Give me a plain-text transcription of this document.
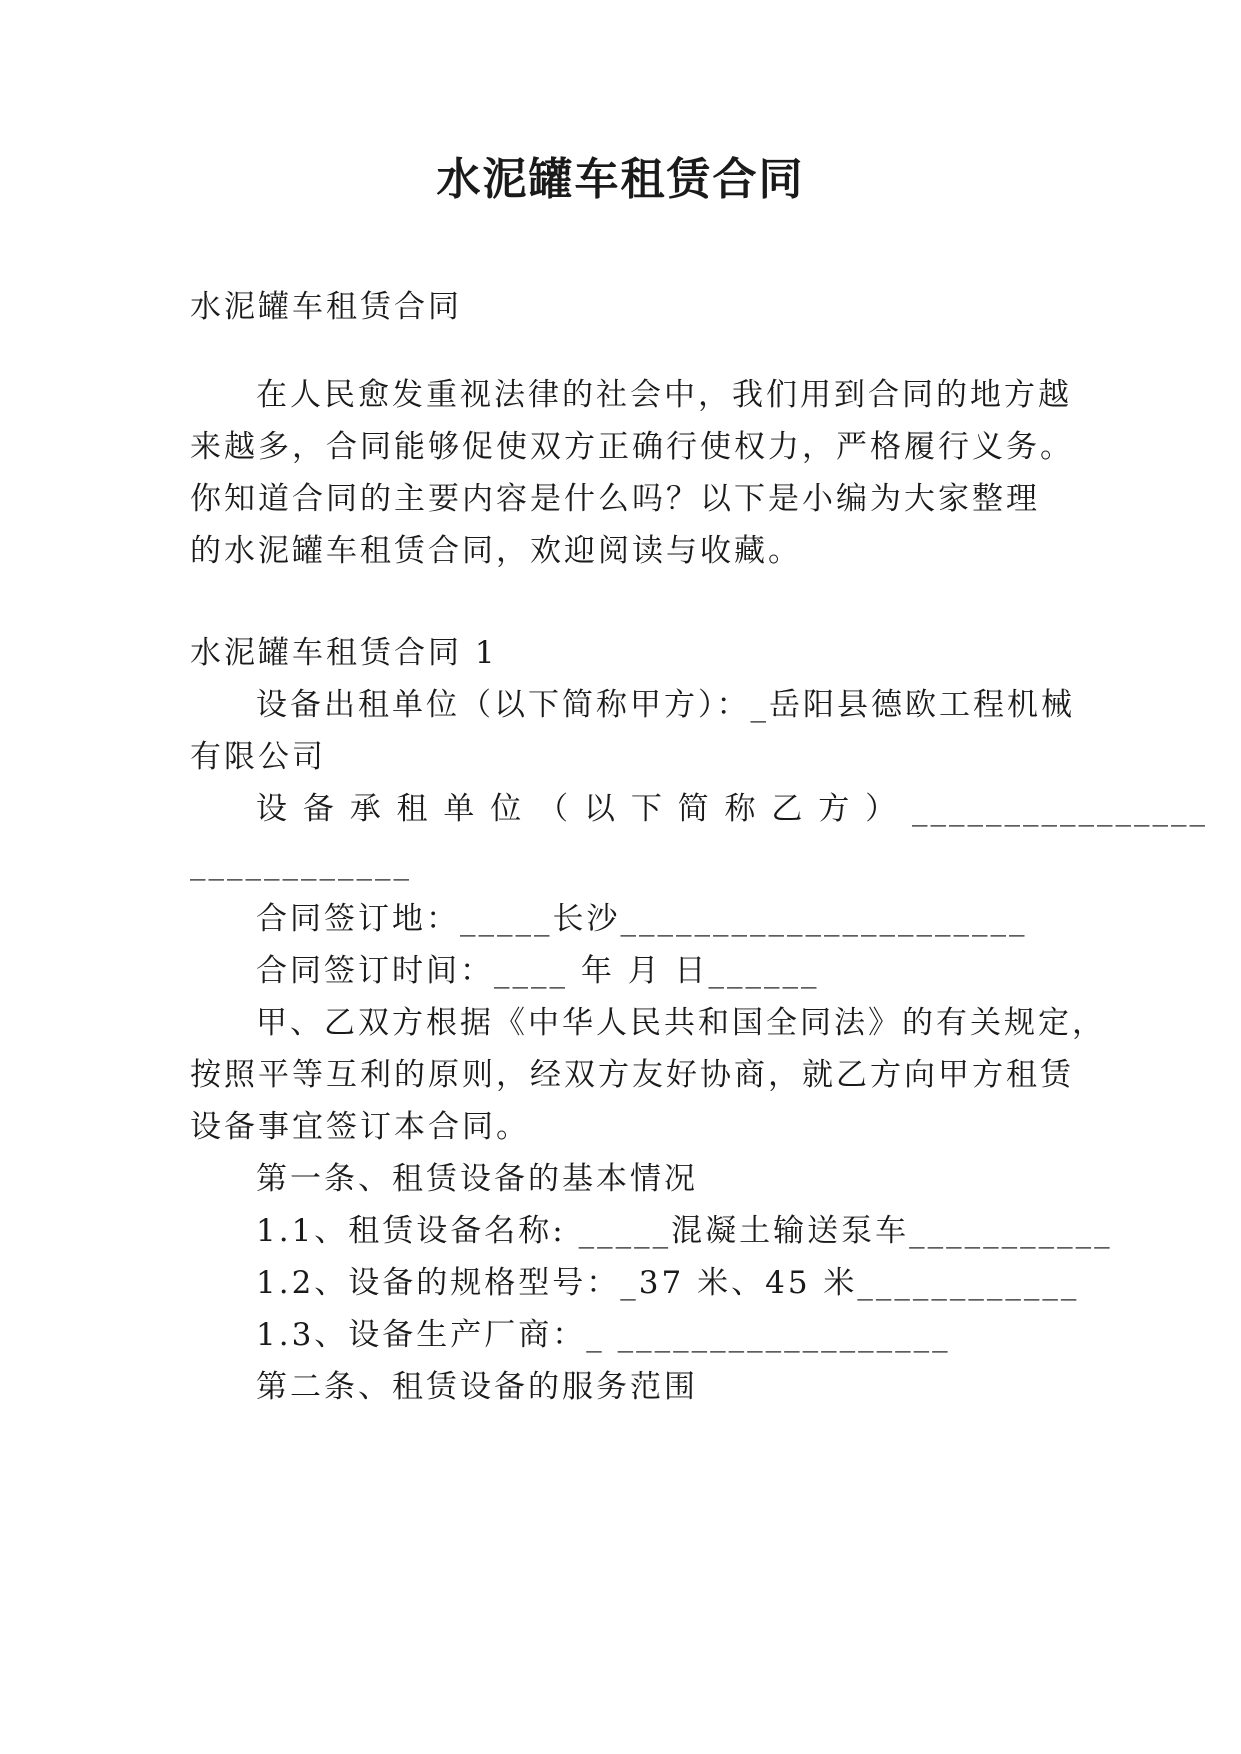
水泥罐车租赁合同
水泥罐车租赁合同
在人民愈发重视法律的社会中，我们用到合同的地方越
来越多，合同能够促使双方正确行使权力，严格履行义务。
你知道合同的主要内容是什么吗？以下是小编为大家整理
的水泥罐车租赁合同，欢迎阅读与收藏。
水泥罐车租赁合同 1
设备出租单位（以下简称甲方）：_岳阳县德欧工程机械
有限公司
设 备 承 租 单 位 （ 以 下 简 称 乙 方 ） ________________
____________
合同签订地：_____长沙______________________
合同签订时间：____ 年 月 日______
甲、乙双方根据《中华人民共和国全同法》的有关规定，
按照平等互利的原则，经双方友好协商，就乙方向甲方租赁
设备事宜签订本合同。
第一条、租赁设备的基本情况
1.1、租赁设备名称: _____混凝土输送泵车___________
1.2、设备的规格型号：_37 米、45 米____________
1.3、设备生产厂商：_ __________________
第二条、租赁设备的服务范围
